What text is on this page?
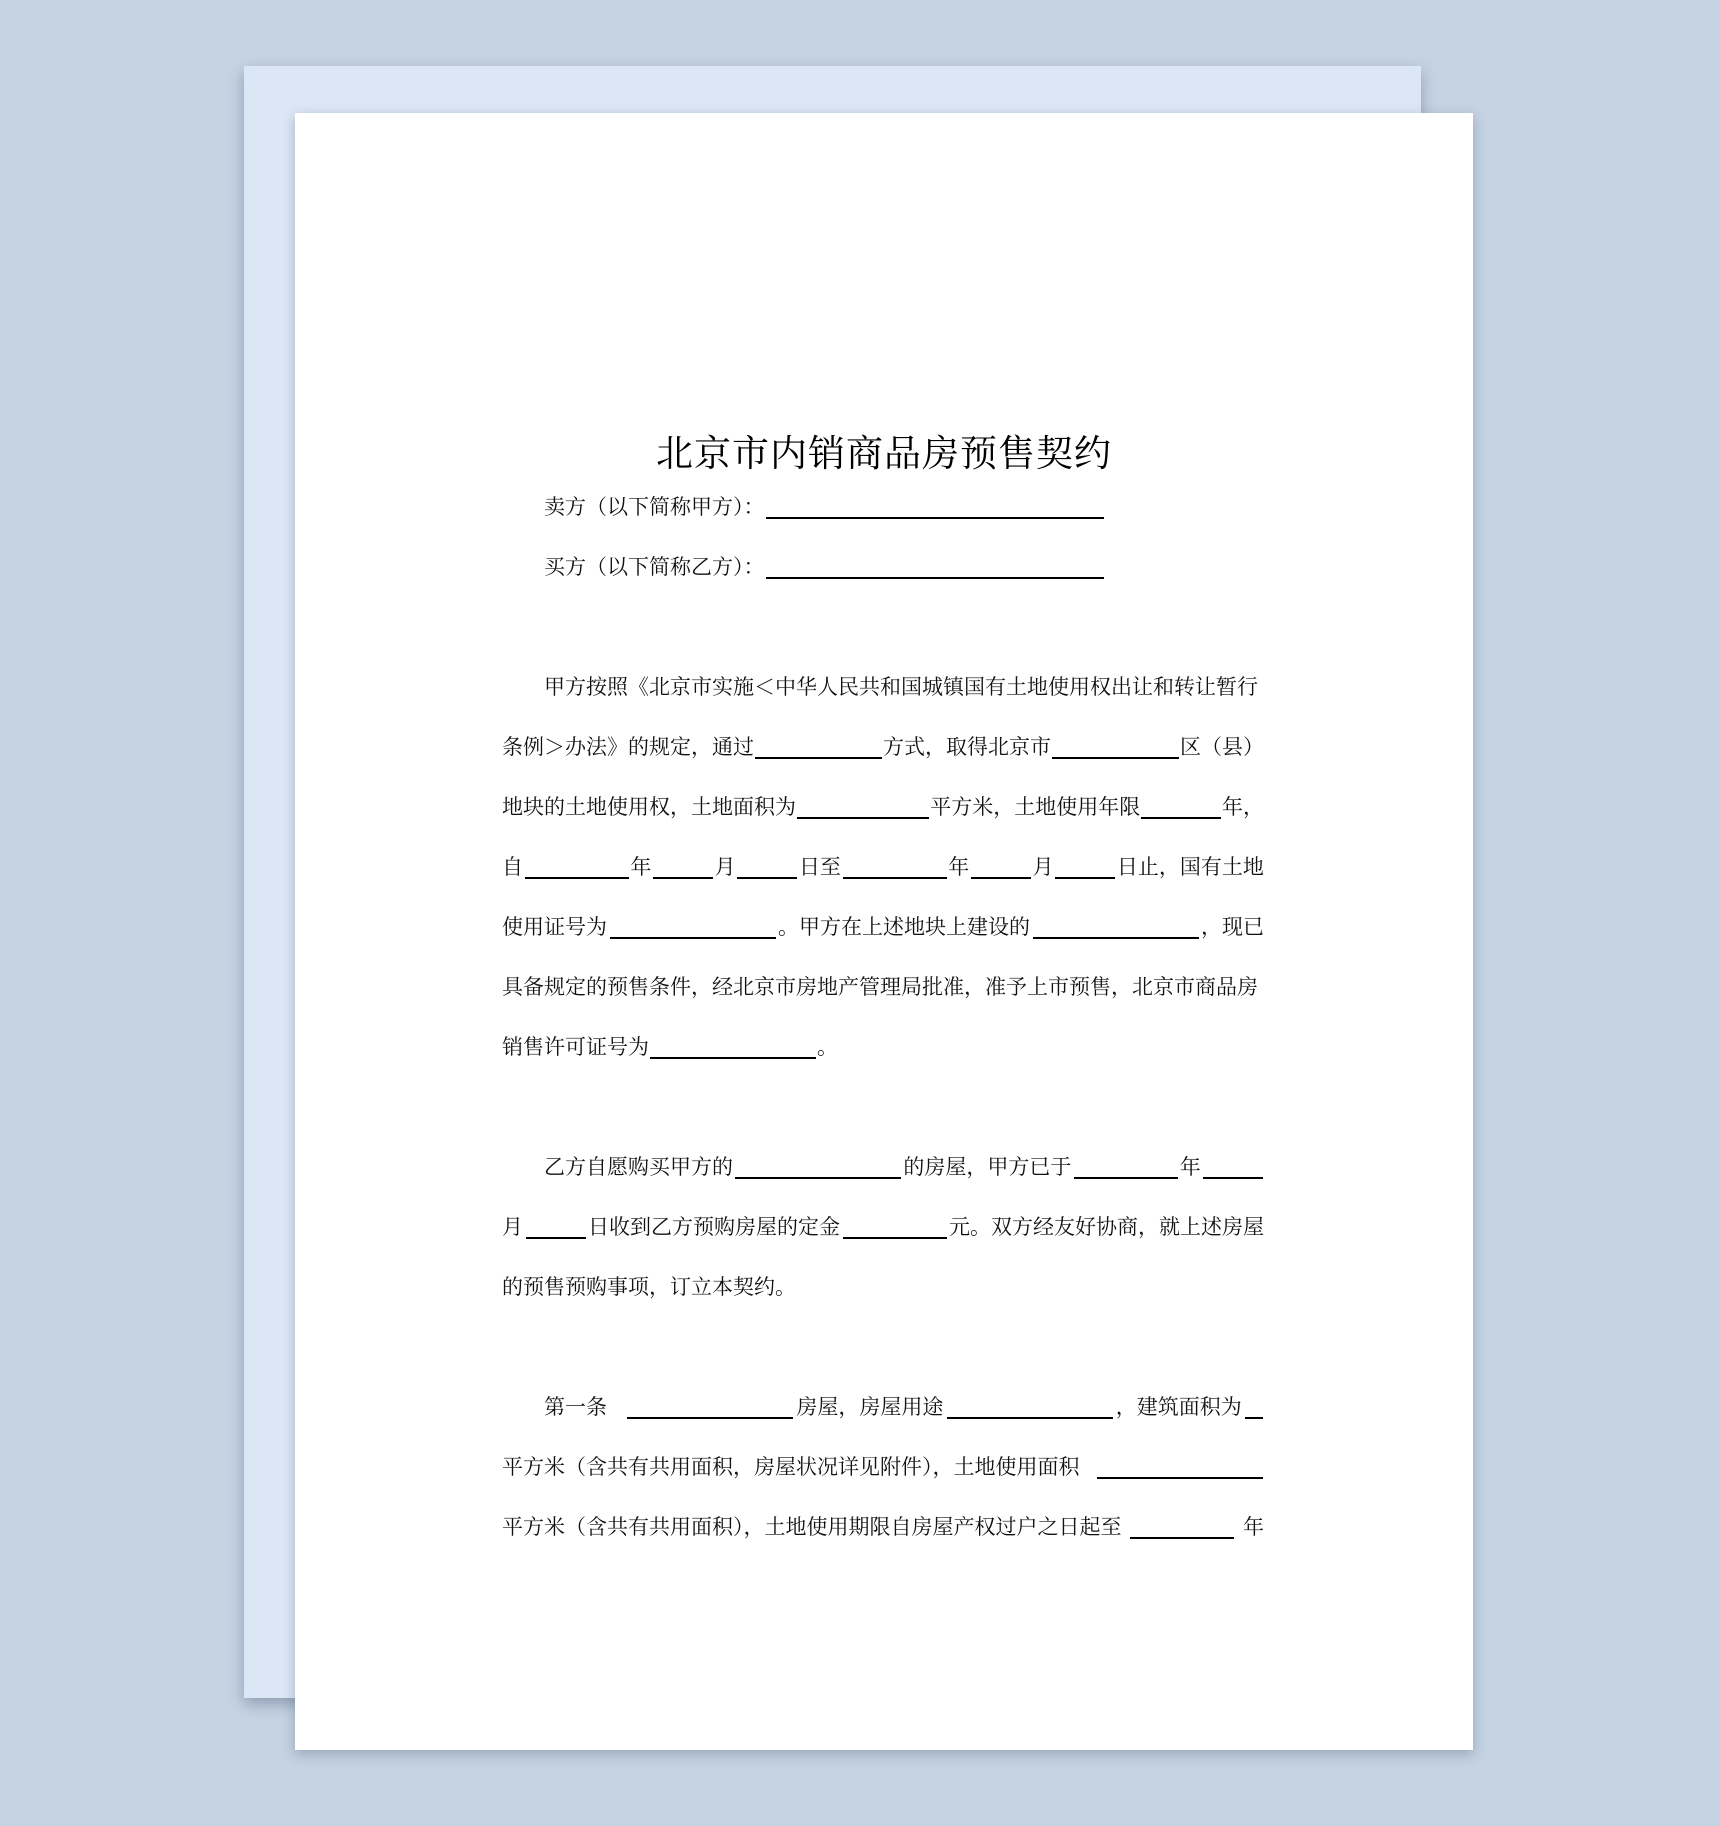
北京市内销商品房预售契约
卖方（以下简称甲方）：
买方（以下简称乙方）：
甲方按照《北京市实施＜中华人民共和国城镇国有土地使用权出让和转让暂行
条例＞办法》的规定，通过	方式，取得北京市	区（县）
地块的土地使用权，土地面积为	平方米，土地使用年限	年，
自	年	月	日至	年	月	日止，国有土地
使用证号为	。甲方在上述地块上建设的	，现已
具备规定的预售条件，经北京市房地产管理局批准，准予上市预售，北京市商品房
销售许可证号为	。
乙方自愿购买甲方的	的房屋，甲方已于	年
月	日收到乙方预购房屋的定金	元。双方经友好协商，就上述房屋
的预售预购事项，订立本契约。
第一条	房屋，房屋用途	，建筑面积为
平方米（含共有共用面积，房屋状况详见附件），土地使用面积
平方米（含共有共用面积），土地使用期限自房屋产权过户之日起至	年
